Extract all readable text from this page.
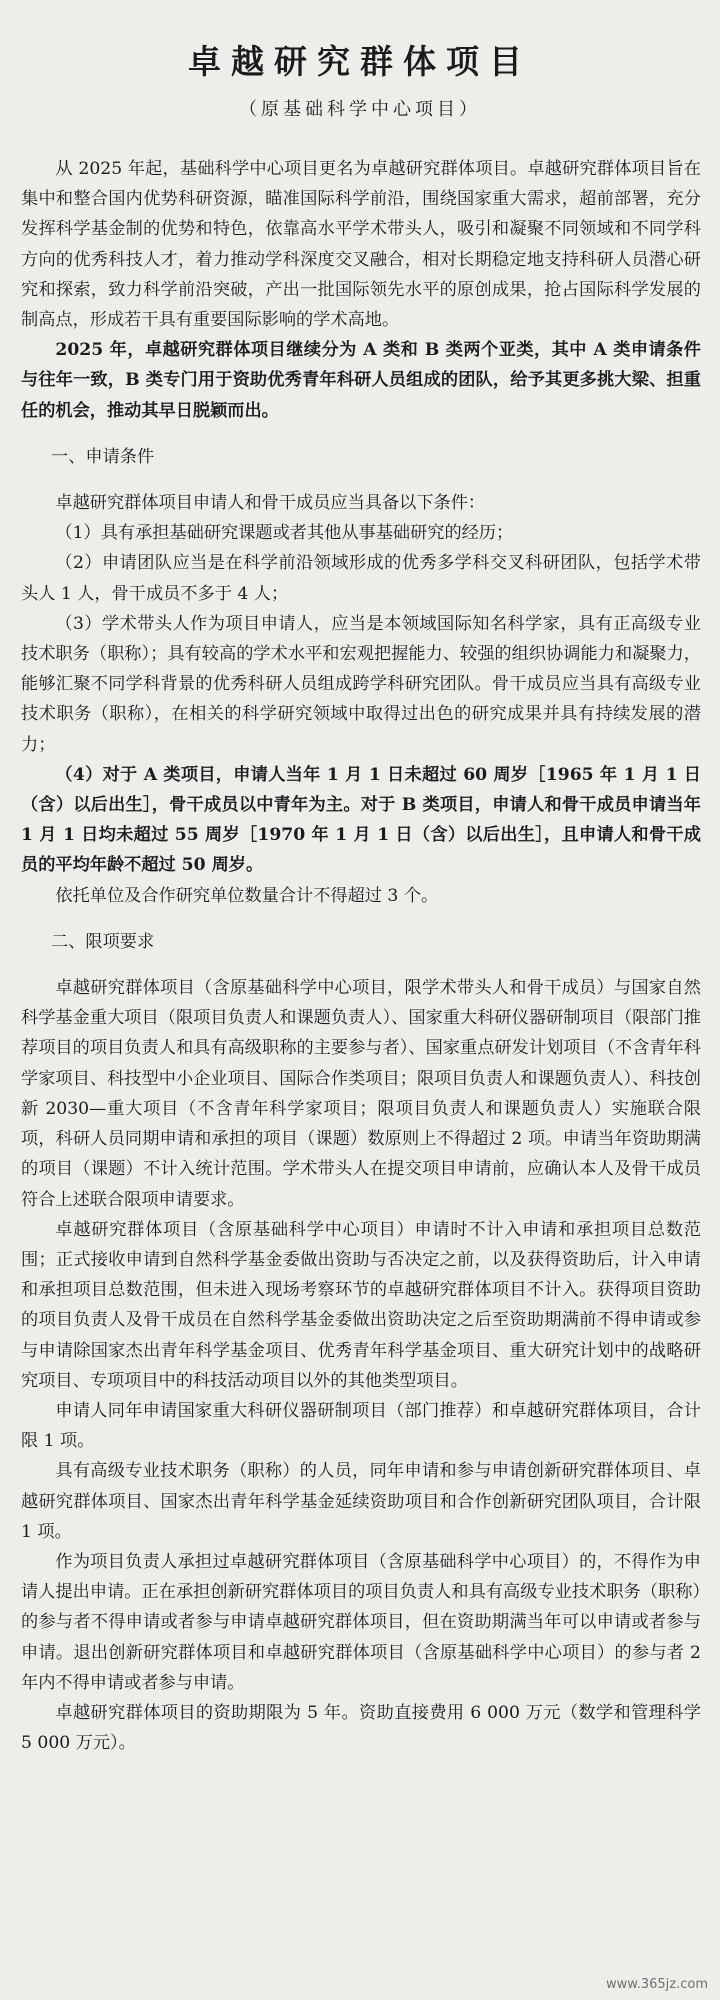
卓越研究群体项目
（原基础科学中心项目）

从 2025 年起，基础科学中心项目更名为卓越研究群体项目。卓越研究群体项目旨在集中和整合国内优势科研资源，瞄准国际科学前沿，围绕国家重大需求，超前部署，充分发挥科学基金制的优势和特色，依靠高水平学术带头人，吸引和凝聚不同领域和不同学科方向的优秀科技人才，着力推动学科深度交叉融合，相对长期稳定地支持科研人员潜心研究和探索，致力科学前沿突破，产出一批国际领先水平的原创成果，抢占国际科学发展的制高点，形成若干具有重要国际影响的学术高地。

2025 年，卓越研究群体项目继续分为 A 类和 B 类两个亚类，其中 A 类申请条件与往年一致，B 类专门用于资助优秀青年科研人员组成的团队，给予其更多挑大梁、担重任的机会，推动其早日脱颖而出。

一、申请条件

卓越研究群体项目申请人和骨干成员应当具备以下条件：

（1）具有承担基础研究课题或者其他从事基础研究的经历；

（2）申请团队应当是在科学前沿领域形成的优秀多学科交叉科研团队，包括学术带头人 1 人，骨干成员不多于 4 人；

（3）学术带头人作为项目申请人，应当是本领域国际知名科学家，具有正高级专业技术职务（职称）；具有较高的学术水平和宏观把握能力、较强的组织协调能力和凝聚力，能够汇聚不同学科背景的优秀科研人员组成跨学科研究团队。骨干成员应当具有高级专业技术职务（职称），在相关的科学研究领域中取得过出色的研究成果并具有持续发展的潜力；

（4）对于 A 类项目，申请人当年 1 月 1 日未超过 60 周岁［1965 年 1 月 1 日（含）以后出生］，骨干成员以中青年为主。对于 B 类项目，申请人和骨干成员申请当年 1 月 1 日均未超过 55 周岁［1970 年 1 月 1 日（含）以后出生］，且申请人和骨干成员的平均年龄不超过 50 周岁。

依托单位及合作研究单位数量合计不得超过 3 个。

二、限项要求

卓越研究群体项目（含原基础科学中心项目，限学术带头人和骨干成员）与国家自然科学基金重大项目（限项目负责人和课题负责人）、国家重大科研仪器研制项目（限部门推荐项目的项目负责人和具有高级职称的主要参与者）、国家重点研发计划项目（不含青年科学家项目、科技型中小企业项目、国际合作类项目；限项目负责人和课题负责人）、科技创新 2030—重大项目（不含青年科学家项目；限项目负责人和课题负责人）实施联合限项，科研人员同期申请和承担的项目（课题）数原则上不得超过 2 项。申请当年资助期满的项目（课题）不计入统计范围。学术带头人在提交项目申请前，应确认本人及骨干成员符合上述联合限项申请要求。

卓越研究群体项目（含原基础科学中心项目）申请时不计入申请和承担项目总数范围；正式接收申请到自然科学基金委做出资助与否决定之前，以及获得资助后，计入申请和承担项目总数范围，但未进入现场考察环节的卓越研究群体项目不计入。获得项目资助的项目负责人及骨干成员在自然科学基金委做出资助决定之后至资助期满前不得申请或参与申请除国家杰出青年科学基金项目、优秀青年科学基金项目、重大研究计划中的战略研究项目、专项项目中的科技活动项目以外的其他类型项目。

申请人同年申请国家重大科研仪器研制项目（部门推荐）和卓越研究群体项目，合计限 1 项。

具有高级专业技术职务（职称）的人员，同年申请和参与申请创新研究群体项目、卓越研究群体项目、国家杰出青年科学基金延续资助项目和合作创新研究团队项目，合计限 1 项。

作为项目负责人承担过卓越研究群体项目（含原基础科学中心项目）的，不得作为申请人提出申请。正在承担创新研究群体项目的项目负责人和具有高级专业技术职务（职称）的参与者不得申请或者参与申请卓越研究群体项目，但在资助期满当年可以申请或者参与申请。退出创新研究群体项目和卓越研究群体项目（含原基础科学中心项目）的参与者 2 年内不得申请或者参与申请。

卓越研究群体项目的资助期限为 5 年。资助直接费用 6 000 万元（数学和管理科学 5 000 万元）。

www.365jz.com
